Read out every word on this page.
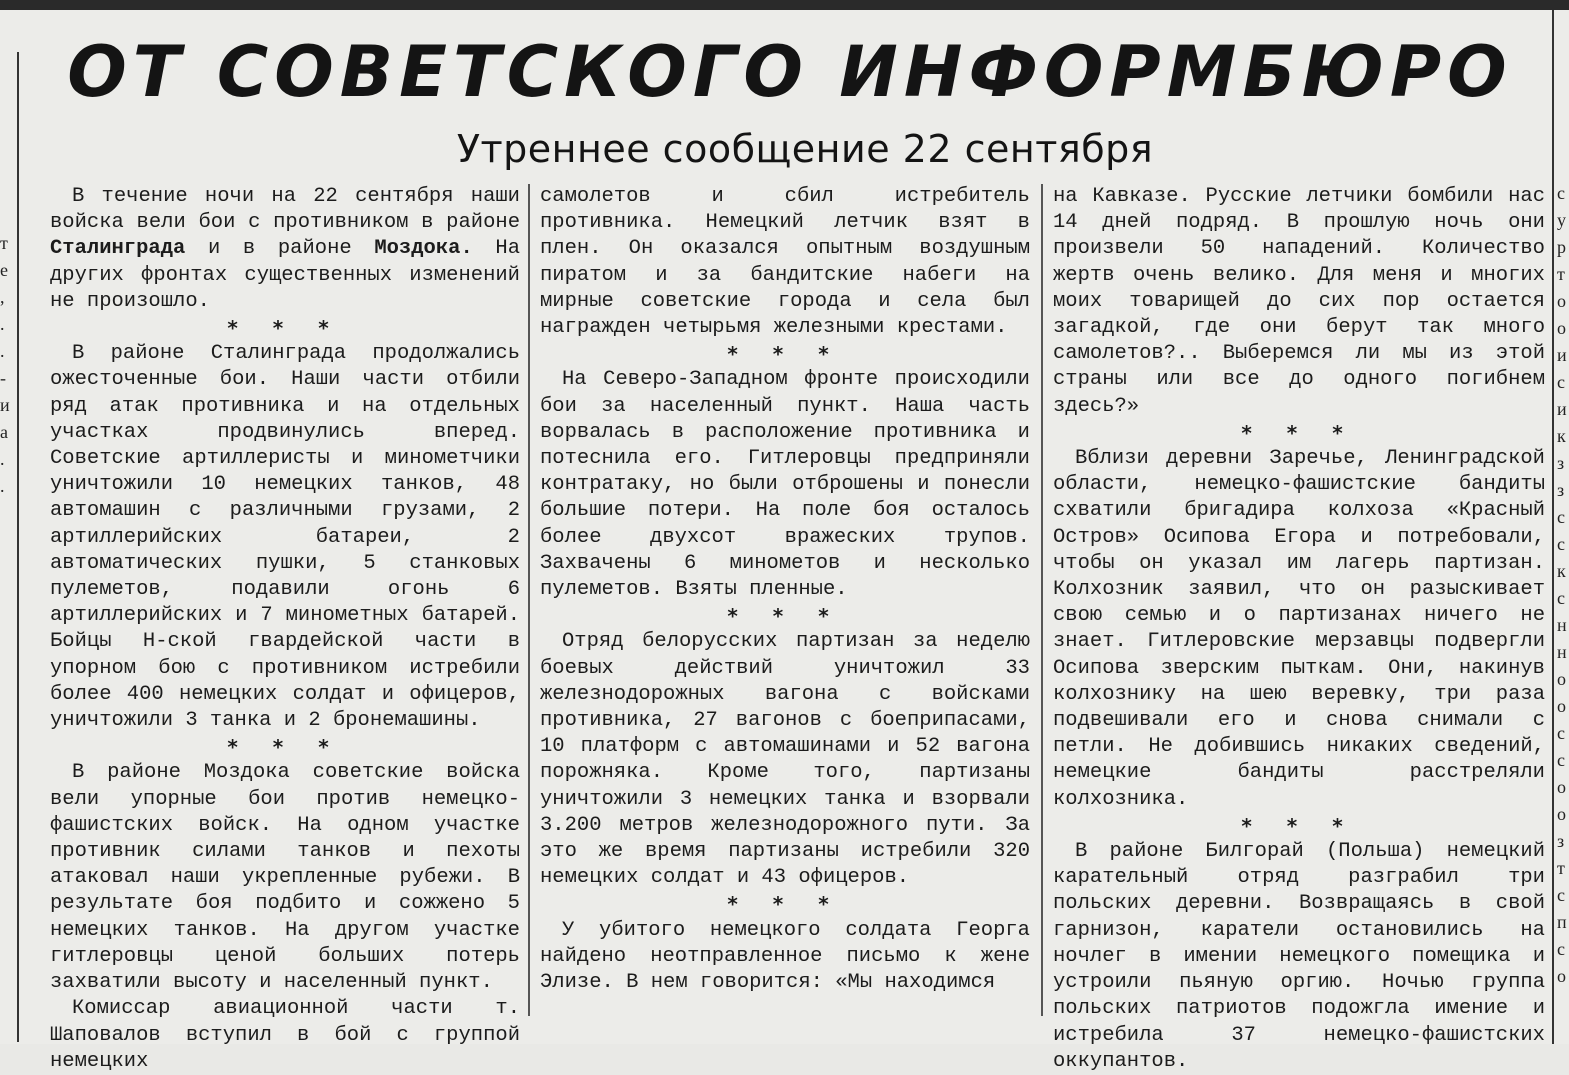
т
е
,
.
.
-
и
а
.
.
с
у
р
т
о
о
и
с
и
к
з
з
с
с
к
с
н
н
о
о
с
с
о
о
з
т
с
п
с
о
ОТ СОВЕТСКОГО ИНФОРМБЮРО
Утреннее сообщение 22 сентября

В течение ночи на 22 сентября наши войска вели бои с противником в районе Сталинграда и в районе Моздока. На других фронтах существенных изменений не произошло.

* * *

В районе Сталинграда продолжались ожесточенные бои. Наши части отбили ряд атак противника и на отдельных участках продвинулись вперед. Советские артиллеристы и минометчики уничтожили 10 немецких танков, 48 автомашин с различными грузами, 2 артиллерийских батареи, 2 автоматических пушки, 5 станковых пулеметов, подавили огонь 6 артиллерийских и 7 минометных батарей. Бойцы Н-ской гвардейской части в упорном бою с противником истребили более 400 немецких солдат и офицеров, уничтожили 3 танка и 2 бронемашины.

* * *

В районе Моздока советские войска вели упорные бои против немецко-фашистских войск. На одном участке противник силами танков и пехоты атаковал наши укрепленные рубежи. В результате боя подбито и сожжено 5 немецких танков. На другом участке гитлеровцы ценой больших потерь захватили высоту и населенный пункт.

Комиссар авиационной части т. Шаповалов вступил в бой с группой немецких

самолетов и сбил истребитель противника. Немецкий летчик взят в плен. Он оказался опытным воздушным пиратом и за бандитские набеги на мирные советские города и села был награжден четырьмя железными крестами.

* * *

На Северо-Западном фронте происходили бои за населенный пункт. Наша часть ворвалась в расположение противника и потеснила его. Гитлеровцы предприняли контратаку, но были отброшены и понесли большие потери. На поле боя осталось более двухсот вражеских трупов. Захвачены 6 минометов и несколько пулеметов. Взяты пленные.

* * *

Отряд белорусских партизан за неделю боевых действий уничтожил 33 железнодорожных вагона с войсками противника, 27 вагонов с боеприпасами, 10 платформ с автомашинами и 52 вагона порожняка. Кроме того, партизаны уничтожили 3 немецких танка и взорвали 3.200 метров железнодорожного пути. За это же время партизаны истребили 320 немецких солдат и 43 офицеров.

* * *

У убитого немецкого солдата Георга найдено неотправленное письмо к жене Элизе. В нем говорится: «Мы находимся

на Кавказе. Русские летчики бомбили нас 14 дней подряд. В прошлую ночь они произвели 50 нападений. Количество жертв очень велико. Для меня и многих моих товарищей до сих пор остается загадкой, где они берут так много самолетов?.. Выберемся ли мы из этой страны или все до одного погибнем здесь?»

* * *

Вблизи деревни Заречье, Ленинградской области, немецко-фашистские бандиты схватили бригадира колхоза «Красный Остров» Осипова Егора и потребовали, чтобы он указал им лагерь партизан. Колхозник заявил, что он разыскивает свою семью и о партизанах ничего не знает. Гитлеровские мерзавцы подвергли Осипова зверским пыткам. Они, накинув колхознику на шею веревку, три раза подвешивали его и снова снимали с петли. Не добившись никаких сведений, немецкие бандиты расстреляли колхозника.

* * *

В районе Билгорай (Польша) немецкий карательный отряд разграбил три польских деревни. Возвращаясь в свой гарнизон, каратели остановились на ночлег в имении немецкого помещика и устроили пьяную оргию. Ночью группа польских патриотов подожгла имение и истребила 37 немецко-фашистских оккупантов.
